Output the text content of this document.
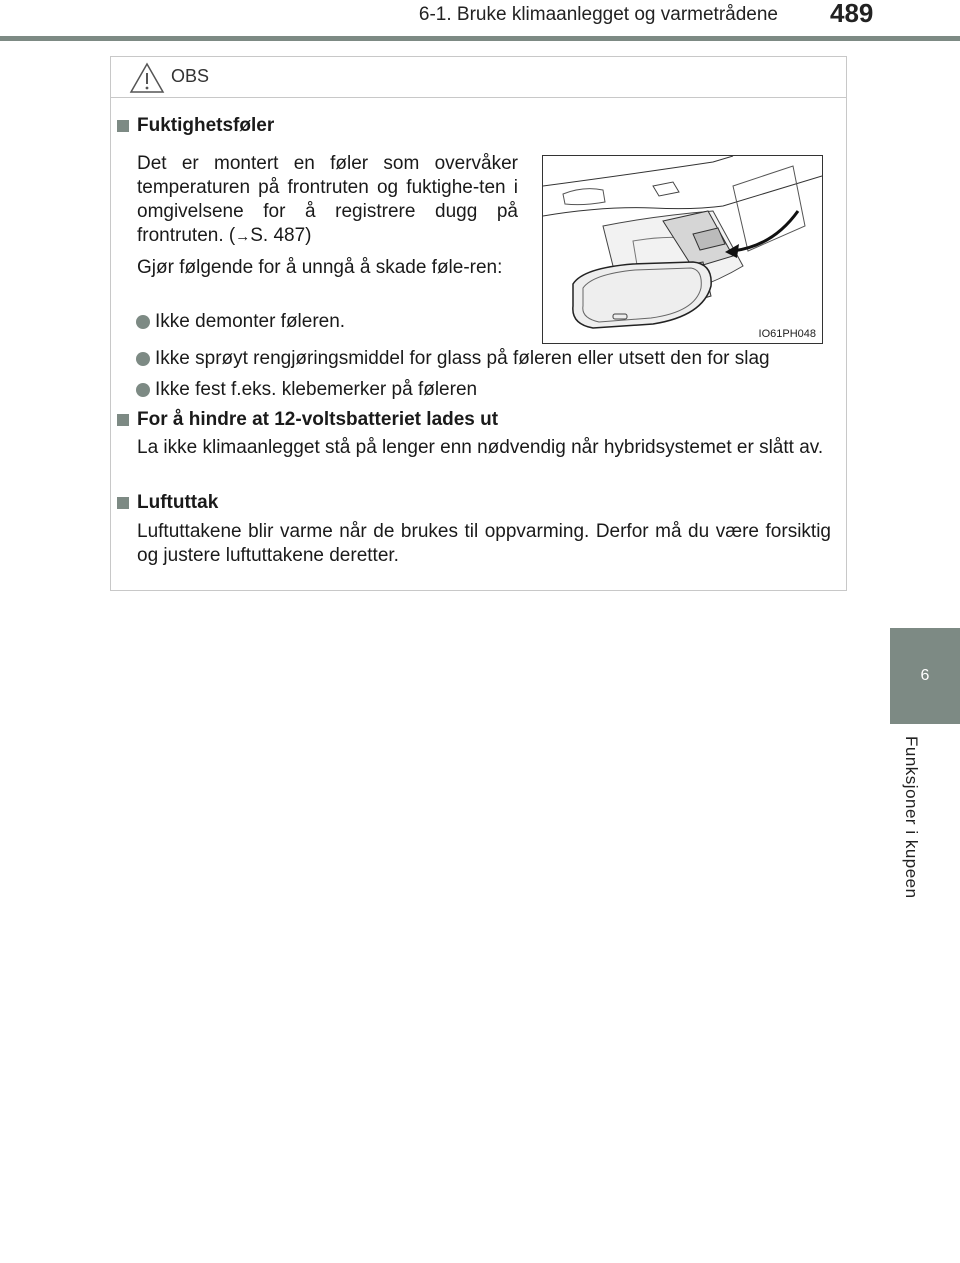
6-1. Bruke klimaanlegget og varmetrådene 489
6
Funksjoner i kupeen
OBS
Fuktighetsføler
Det er montert en føler som overvåker temperaturen på frontruten og fuktighe-ten i omgivelsene for å registrere dugg på frontruten. (→S. 487)
Gjør følgende for å unngå å skade føle-ren:
Ikke demonter føleren.
Ikke sprøyt rengjøringsmiddel for glass på føleren eller utsett den for slag
Ikke fest f.eks. klebemerker på føleren
IO61PH048
For å hindre at 12-voltsbatteriet lades ut
La ikke klimaanlegget stå på lenger enn nødvendig når hybridsystemet er slått av.
Luftuttak
Luftuttakene blir varme når de brukes til oppvarming. Derfor må du være forsiktig og justere luftuttakene deretter.
